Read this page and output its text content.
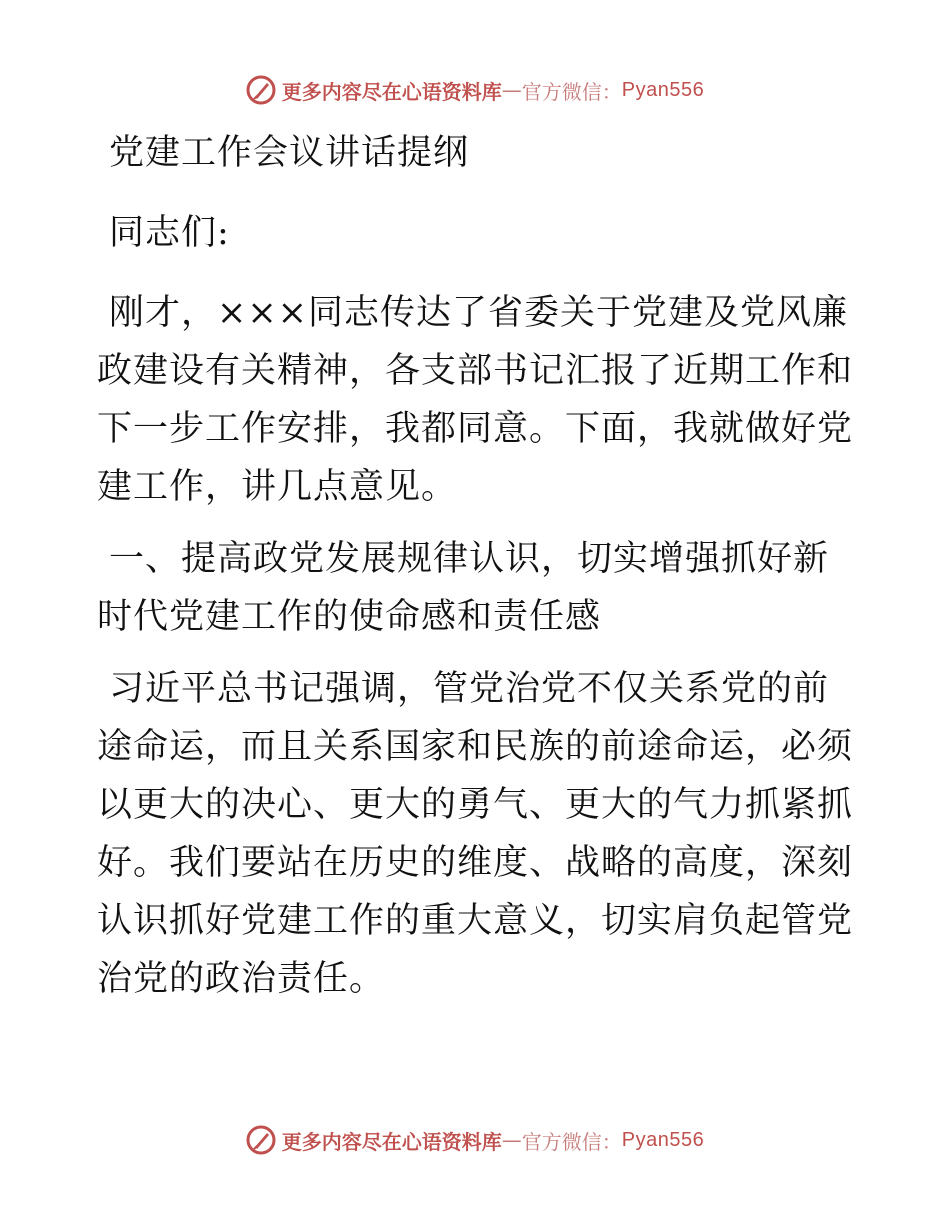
更多内容尽在心语资料库 — 官方微信： Pyan556

党建工作会议讲话提纲

同志们:

刚才，×××同志传达了省委关于党建及党风廉政建设有关精神，各支部书记汇报了近期工作和下一步工作安排，我都同意。下面，我就做好党建工作，讲几点意见。

一、提高政党发展规律认识，切实增强抓好新时代党建工作的使命感和责任感

习近平总书记强调，管党治党不仅关系党的前途命运，而且关系国家和民族的前途命运，必须以更大的决心、更大的勇气、更大的气力抓紧抓好。我们要站在历史的维度、战略的高度，深刻认识抓好党建工作的重大意义，切实肩负起管党治党的政治责任。

更多内容尽在心语资料库 — 官方微信： Pyan556
